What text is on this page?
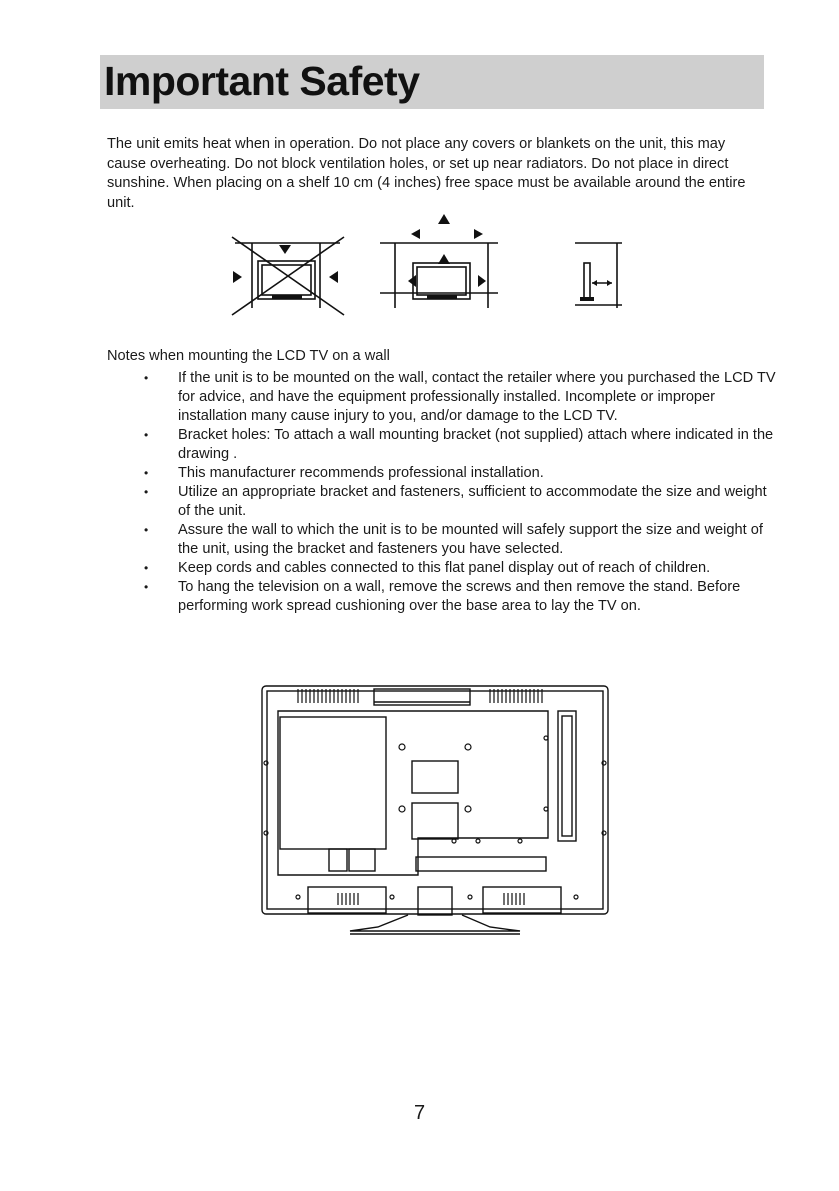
Important Safety
The unit emits heat when in operation. Do not place any covers or blankets on the unit, this may cause overheating. Do not block ventilation holes, or set up near radiators. Do not place in direct sunshine. When placing on a shelf 10 cm (4 inches) free space must be available around the entire unit.
Notes when mounting the LCD TV on a wall
• If the unit is to be mounted on the wall, contact the retailer where you purchased the LCD TV for advice, and have the equipment professionally installed. Incomplete or improper installation many cause injury to you, and/or damage to the LCD TV.
• Bracket holes: To attach a wall mounting bracket (not supplied) attach where indicated in the drawing .
• This manufacturer recommends professional installation.
• Utilize an appropriate bracket and fasteners, sufficient to accommodate the size and weight of the unit.
• Assure the wall to which the unit is to be mounted will safely support the size and weight of the unit, using the bracket and fasteners you have selected.
• Keep cords and cables connected to this flat panel display out of reach of children.
• To hang the television on a wall, remove the screws and then remove the stand. Before performing work spread cushioning over the base area to lay the TV on.
7
